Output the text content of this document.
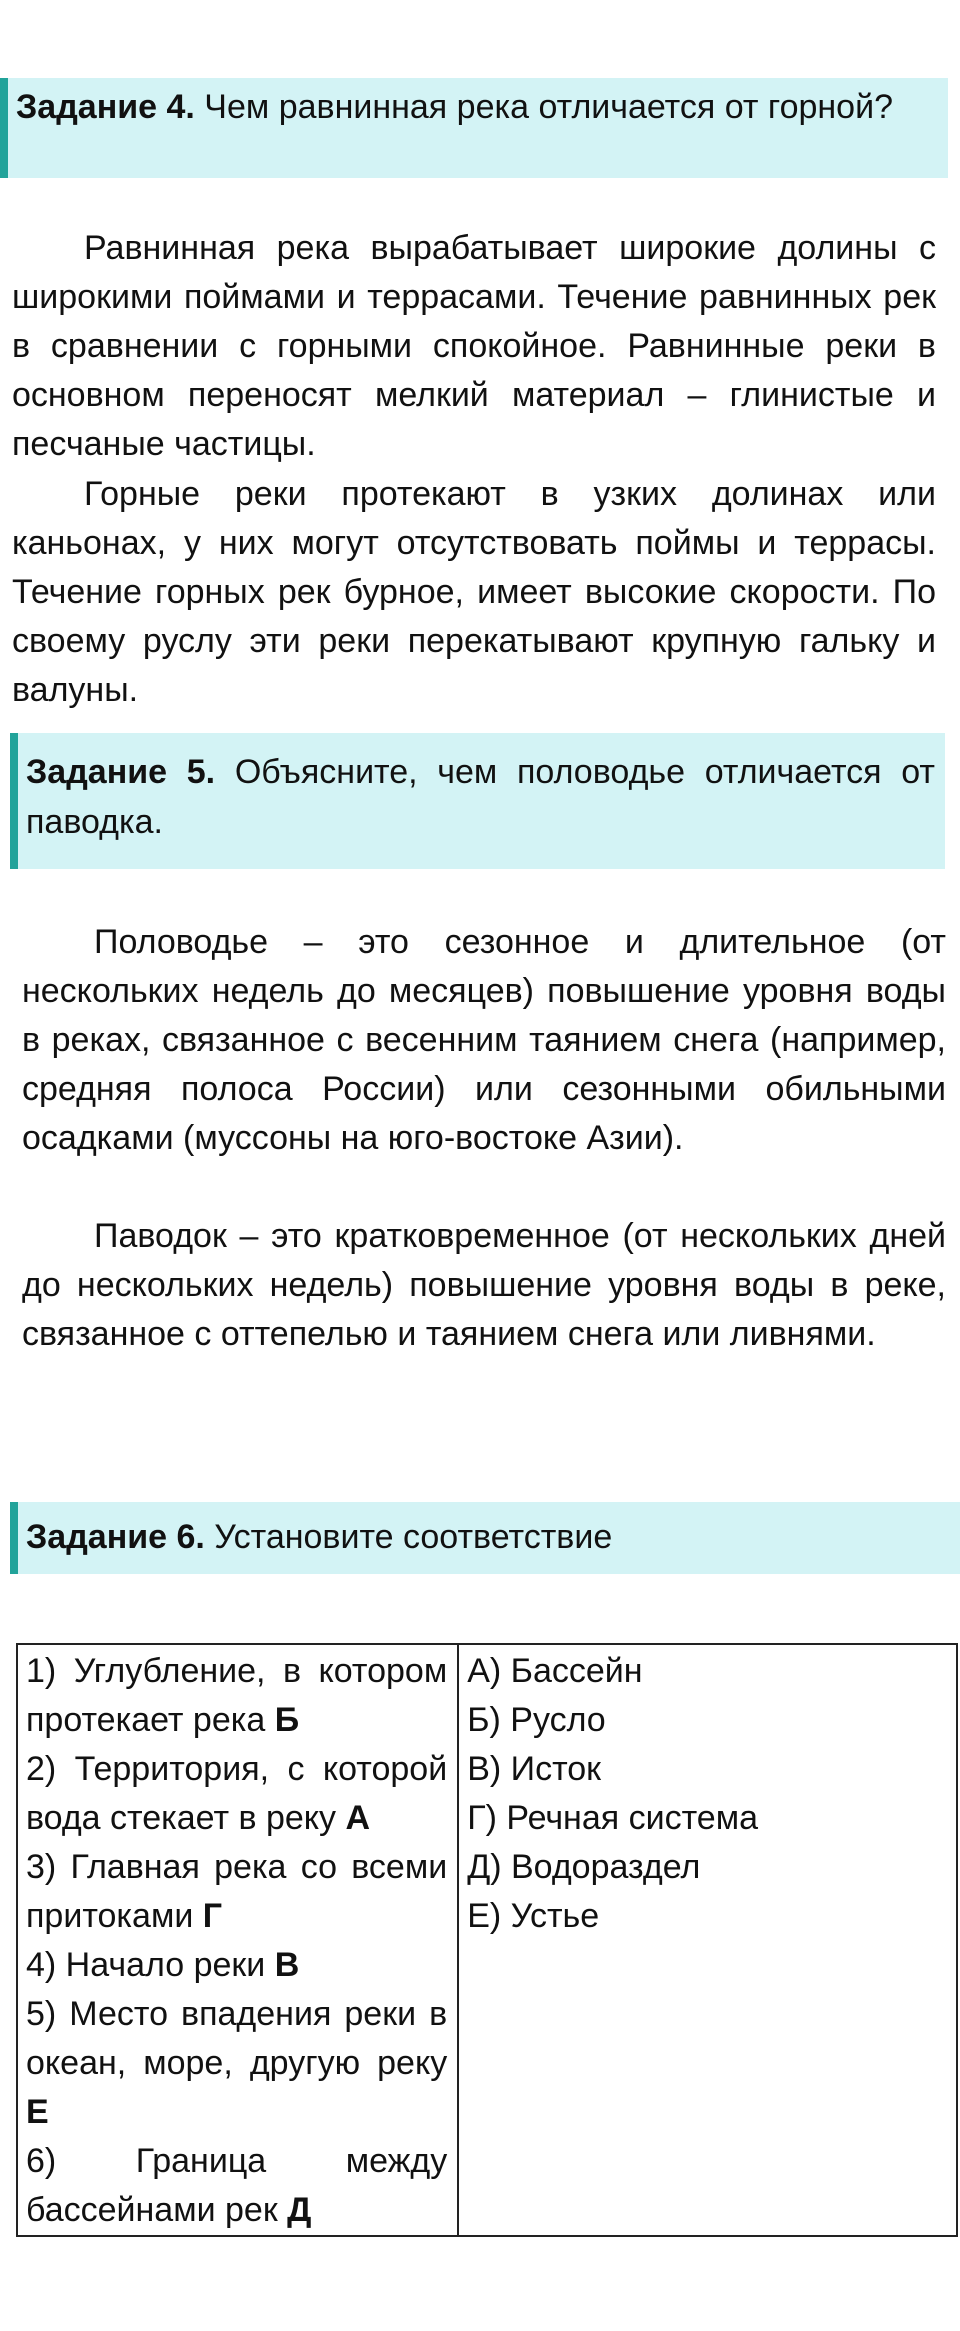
Задание 4. Чем равнинная река отличается от горной?

Равнинная река вырабатывает широкие долины с широкими поймами и террасами. Течение равнинных рек в сравнении с горными спокойное. Равнинные реки в основном переносят мелкий материал – глинистые и песчаные частицы.

Горные реки протекают в узких долинах или каньонах, у них могут отсутствовать поймы и террасы. Течение горных рек бурное, имеет высокие скорости. По своему руслу эти реки перекатывают крупную гальку и валуны.

Задание 5. Объясните, чем половодье отличается от паводка.

Половодье – это сезонное и длительное (от нескольких недель до месяцев) повышение уровня воды в реках, связанное с весенним таянием снега (например, средняя полоса России) или сезонными обильными осадками (муссоны на юго-востоке Азии).

Паводок – это кратковременное (от нескольких дней до нескольких недель) повышение уровня воды в реке, связанное с оттепелью и таянием снега или ливнями.

Задание 6. Установите соответствие
1) Углубление, в котором протекает река Б
2) Территория, с которой вода стекает в реку А
3) Главная река со всеми притоками Г
4) Начало реки В
5) Место впадения реки в океан, море, другую реку Е
6) Граница между бассейнами рек Д

А) Бассейн
Б) Русло
В) Исток
Г) Речная система
Д) Водораздел
Е) Устье
